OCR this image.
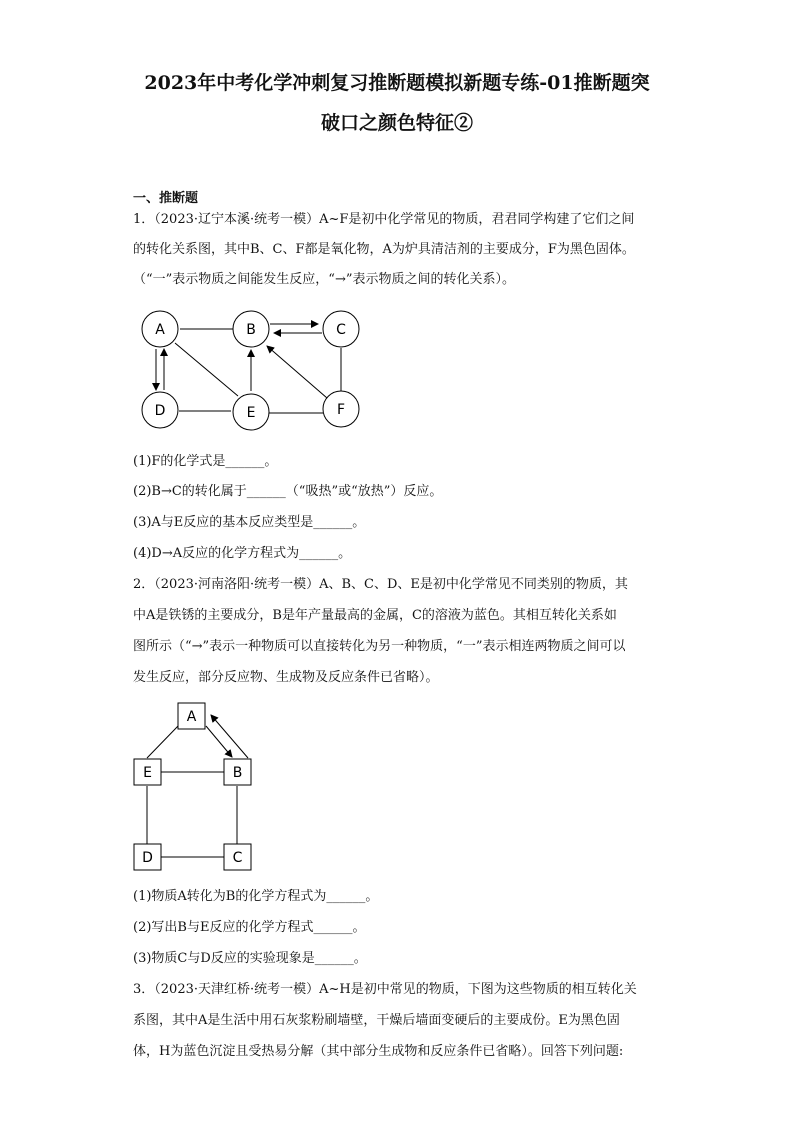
2023年中考化学冲刺复习推断题模拟新题专练-01推断题突
破口之颜色特征②
一、推断题

1．（2023·辽宁本溪·统考一模）A~F是初中化学常见的物质，君君同学构建了它们之间

的转化关系图，其中B、C、F都是氧化物，A为炉具清洁剂的主要成分，F为黑色固体。

（“一”表示物质之间能发生反应，“→”表示物质之间的转化关系）。

A	B	C
D	E	F

(1)F的化学式是______。

(2)B→C的转化属于______（“吸热”或“放热”）反应。

(3)A与E反应的基本反应类型是______。

(4)D→A反应的化学方程式为______。

2．（2023·河南洛阳·统考一模）A、B、C、D、E是初中化学常见不同类别的物质，其

中A是铁锈的主要成分，B是年产量最高的金属，C的溶液为蓝色。其相互转化关系如

图所示（“→”表示一种物质可以直接转化为另一种物质，“一”表示相连两物质之间可以

发生反应，部分反应物、生成物及反应条件已省略）。

A
E	B
D	C

(1)物质A转化为B的化学方程式为______。

(2)写出B与E反应的化学方程式______。

(3)物质C与D反应的实验现象是______。

3．（2023·天津红桥·统考一模）A~H是初中常见的物质，下图为这些物质的相互转化关

系图，其中A是生活中用石灰浆粉刷墙壁，干燥后墙面变硬后的主要成份。E为黑色固

体，H为蓝色沉淀且受热易分解（其中部分生成物和反应条件已省略）。回答下列问题:
